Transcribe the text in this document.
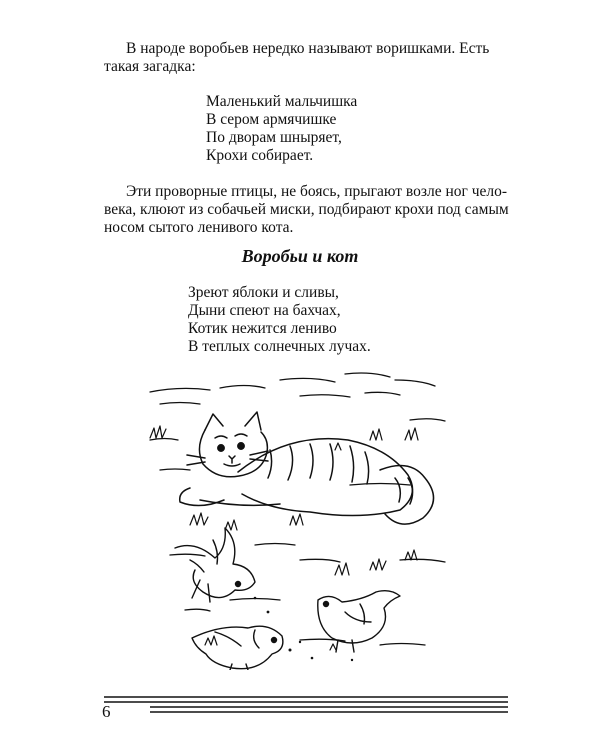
В народе воробьев нередко называют воришками. Есть
такая загадка:

Маленький мальчишка
В сером армячишке
По дворам шныряет,
Крохи собирает.

Эти проворные птицы, не боясь, прыгают возле ног чело-
века, клюют из собачьей миски, подбирают крохи под самым
носом сытого ленивого кота.

Воробьи и кот
Зреют яблоки и сливы,
Дыни спеют на бахчах,
Котик нежится лениво
В теплых солнечных лучах.
6
